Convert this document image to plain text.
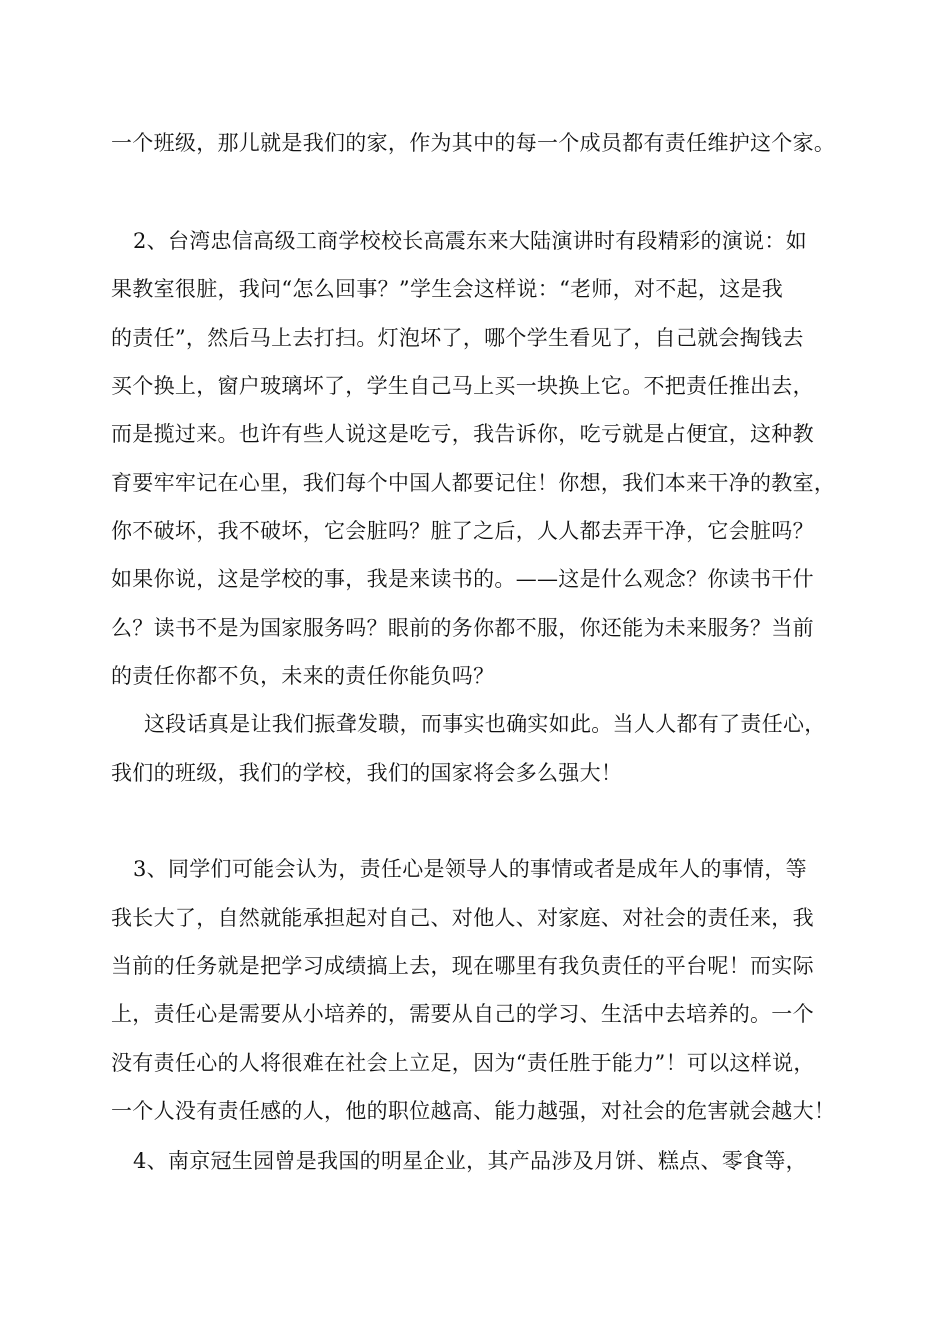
一个班级，那儿就是我们的家，作为其中的每一个成员都有责任维护这个家。
2、台湾忠信高级工商学校校长高震东来大陆演讲时有段精彩的演说：如
果教室很脏，我问“怎么回事？”学生会这样说：“老师，对不起，这是我
的责任”，然后马上去打扫。灯泡坏了，哪个学生看见了，自己就会掏钱去
买个换上，窗户玻璃坏了，学生自己马上买一块换上它。不把责任推出去，
而是揽过来。也许有些人说这是吃亏，我告诉你，吃亏就是占便宜，这种教
育要牢牢记在心里，我们每个中国人都要记住！你想，我们本来干净的教室，
你不破坏，我不破坏，它会脏吗？脏了之后，人人都去弄干净，它会脏吗？
如果你说，这是学校的事，我是来读书的。——这是什么观念？你读书干什
么？读书不是为国家服务吗？眼前的务你都不服，你还能为未来服务？当前
的责任你都不负，未来的责任你能负吗？
这段话真是让我们振聋发聩，而事实也确实如此。当人人都有了责任心，
我们的班级，我们的学校，我们的国家将会多么强大！
3、同学们可能会认为，责任心是领导人的事情或者是成年人的事情，等
我长大了，自然就能承担起对自己、对他人、对家庭、对社会的责任来，我
当前的任务就是把学习成绩搞上去，现在哪里有我负责任的平台呢！而实际
上，责任心是需要从小培养的，需要从自己的学习、生活中去培养的。一个
没有责任心的人将很难在社会上立足，因为“责任胜于能力”！可以这样说，
一个人没有责任感的人，他的职位越高、能力越强，对社会的危害就会越大！
4、南京冠生园曾是我国的明星企业，其产品涉及月饼、糕点、零食等，
